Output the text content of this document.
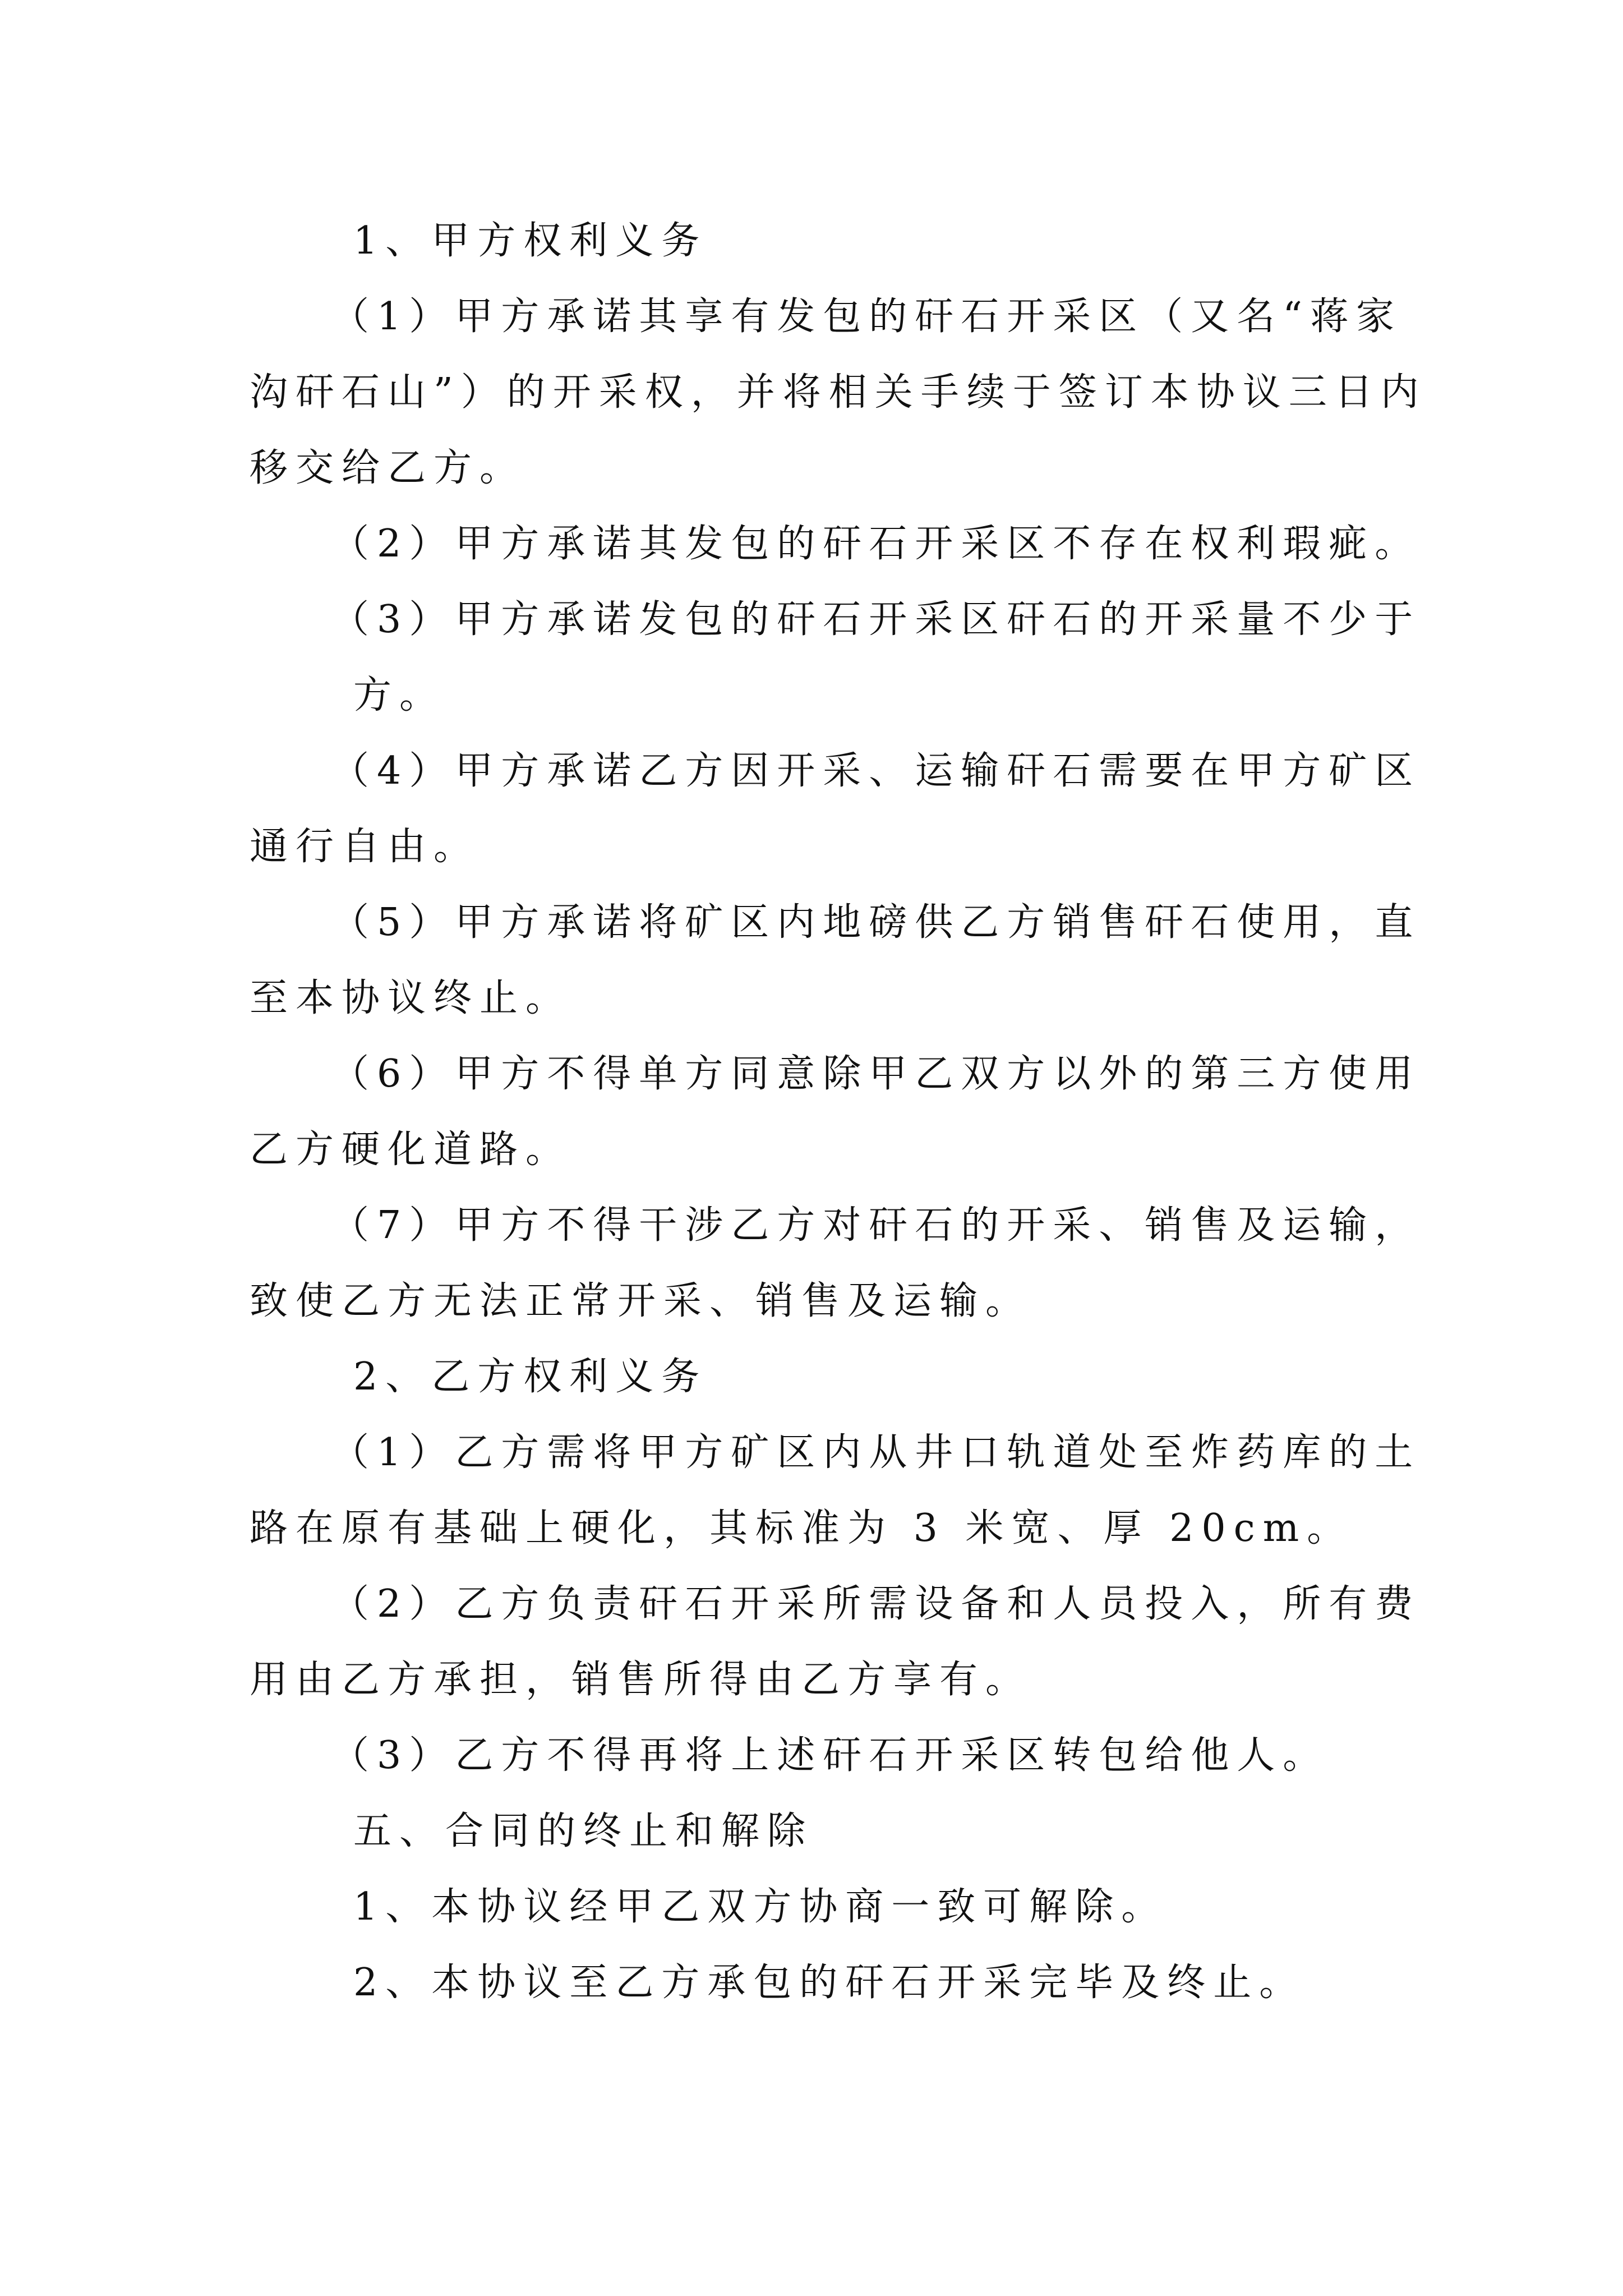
1、甲方权利义务
（1）甲方承诺其享有发包的矸石开采区（又名“蒋家
沟矸石山”）的开采权，并将相关手续于签订本协议三日内
移交给乙方。
（2）甲方承诺其发包的矸石开采区不存在权利瑕疵。
（3）甲方承诺发包的矸石开采区矸石的开采量不少于
方。
（4）甲方承诺乙方因开采、运输矸石需要在甲方矿区
通行自由。
（5）甲方承诺将矿区内地磅供乙方销售矸石使用，直
至本协议终止。
（6）甲方不得单方同意除甲乙双方以外的第三方使用
乙方硬化道路。
（7）甲方不得干涉乙方对矸石的开采、销售及运输，
致使乙方无法正常开采、销售及运输。
2、乙方权利义务
（1）乙方需将甲方矿区内从井口轨道处至炸药库的土
路在原有基础上硬化，其标准为 3 米宽、厚 20cm。
（2）乙方负责矸石开采所需设备和人员投入，所有费
用由乙方承担，销售所得由乙方享有。
（3）乙方不得再将上述矸石开采区转包给他人。
五、合同的终止和解除
1、本协议经甲乙双方协商一致可解除。
2、本协议至乙方承包的矸石开采完毕及终止。
